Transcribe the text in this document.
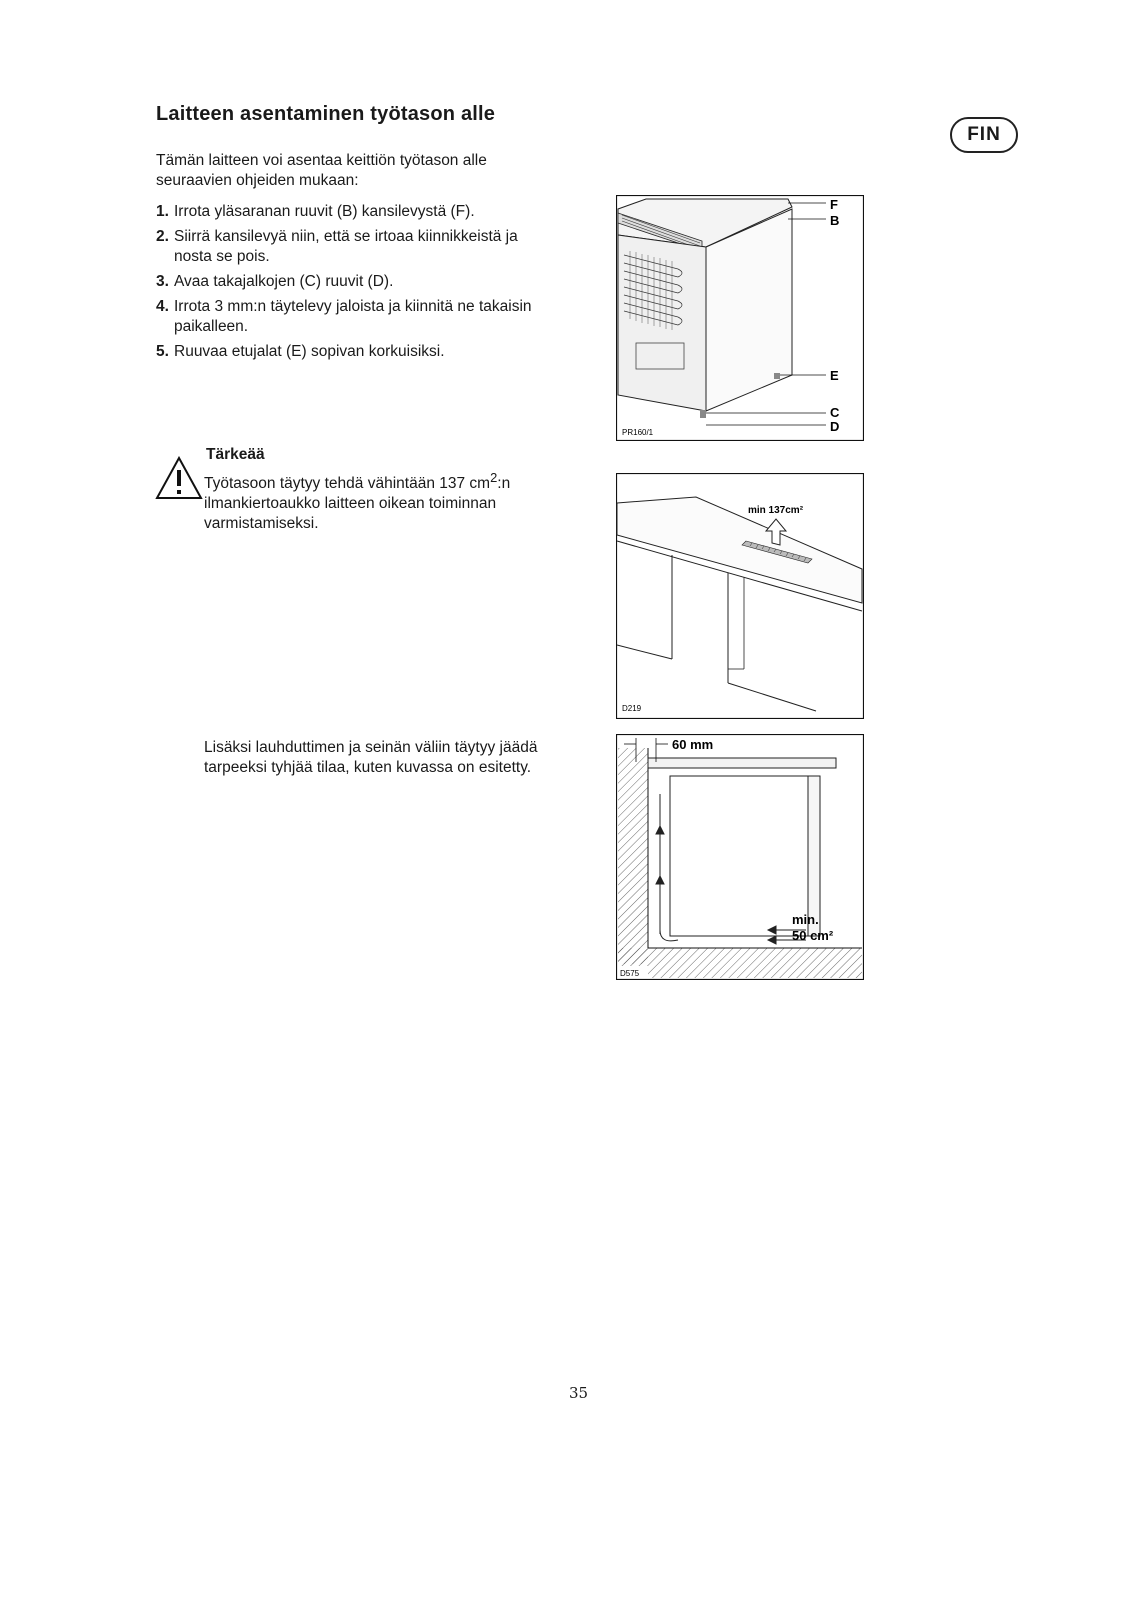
Laitteen asentaminen työtason alle
FIN
Tämän laitteen voi asentaa keittiön työtason alle seuraavien ohjeiden mukaan:
1. Irrota yläsaranan ruuvit (B) kansilevystä (F).
2. Siirrä kansilevyä niin, että se irtoaa kiinnikkeistä ja nosta se pois.
3. Avaa takajalkojen (C) ruuvit (D).
4. Irrota 3 mm:n täytelevy jaloista ja kiinnitä ne takaisin paikalleen.
5. Ruuvaa etujalat (E) sopivan korkuisiksi.
Tärkeää
Työtasoon täytyy tehdä vähintään 137 $cm^2:n$ ilmankiertoaukko laitteen oikean toiminnan varmistamiseksi.
Lisäksi lauhduttimen ja seinän väliin täytyy jäädä tarpeeksi tyhjää tilaa, kuten kuvassa on esitetty.
F
B
E
C
D
PR160/1
min 137cm²
D219
60 mm
min.
50 cm²
D575
35
